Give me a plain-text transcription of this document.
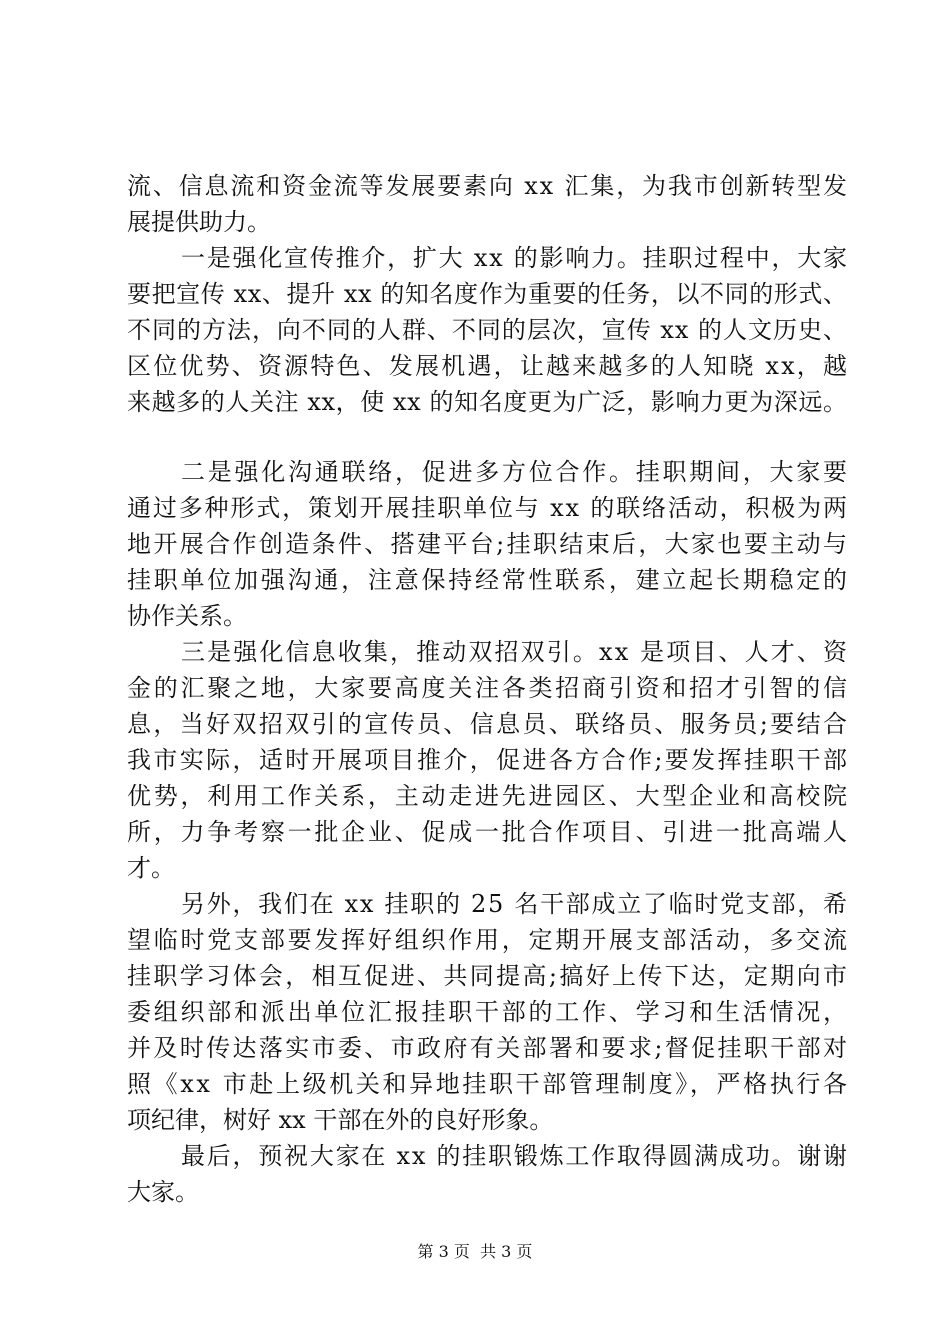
流、信息流和资金流等发展要素向 xx 汇集，为我市创新转型发
展提供助力。
一是强化宣传推介，扩大 xx 的影响力。挂职过程中，大家
要把宣传 xx、提升 xx 的知名度作为重要的任务，以不同的形式、
不同的方法，向不同的人群、不同的层次，宣传 xx 的人文历史、
区位优势、资源特色、发展机遇，让越来越多的人知晓 xx，越
来越多的人关注 xx，使 xx 的知名度更为广泛，影响力更为深远。
二是强化沟通联络，促进多方位合作。挂职期间，大家要
通过多种形式，策划开展挂职单位与 xx 的联络活动，积极为两
地开展合作创造条件、搭建平台;挂职结束后，大家也要主动与
挂职单位加强沟通，注意保持经常性联系，建立起长期稳定的
协作关系。
三是强化信息收集，推动双招双引。xx 是项目、人才、资
金的汇聚之地，大家要高度关注各类招商引资和招才引智的信
息，当好双招双引的宣传员、信息员、联络员、服务员;要结合
我市实际，适时开展项目推介，促进各方合作;要发挥挂职干部
优势，利用工作关系，主动走进先进园区、大型企业和高校院
所，力争考察一批企业、促成一批合作项目、引进一批高端人
才。
另外，我们在 xx 挂职的 25 名干部成立了临时党支部，希
望临时党支部要发挥好组织作用，定期开展支部活动，多交流
挂职学习体会，相互促进、共同提高;搞好上传下达，定期向市
委组织部和派出单位汇报挂职干部的工作、学习和生活情况，
并及时传达落实市委、市政府有关部署和要求;督促挂职干部对
照《xx 市赴上级机关和异地挂职干部管理制度》，严格执行各
项纪律，树好 xx 干部在外的良好形象。
最后，预祝大家在 xx 的挂职锻炼工作取得圆满成功。谢谢
大家。
第 3 页  共 3 页
